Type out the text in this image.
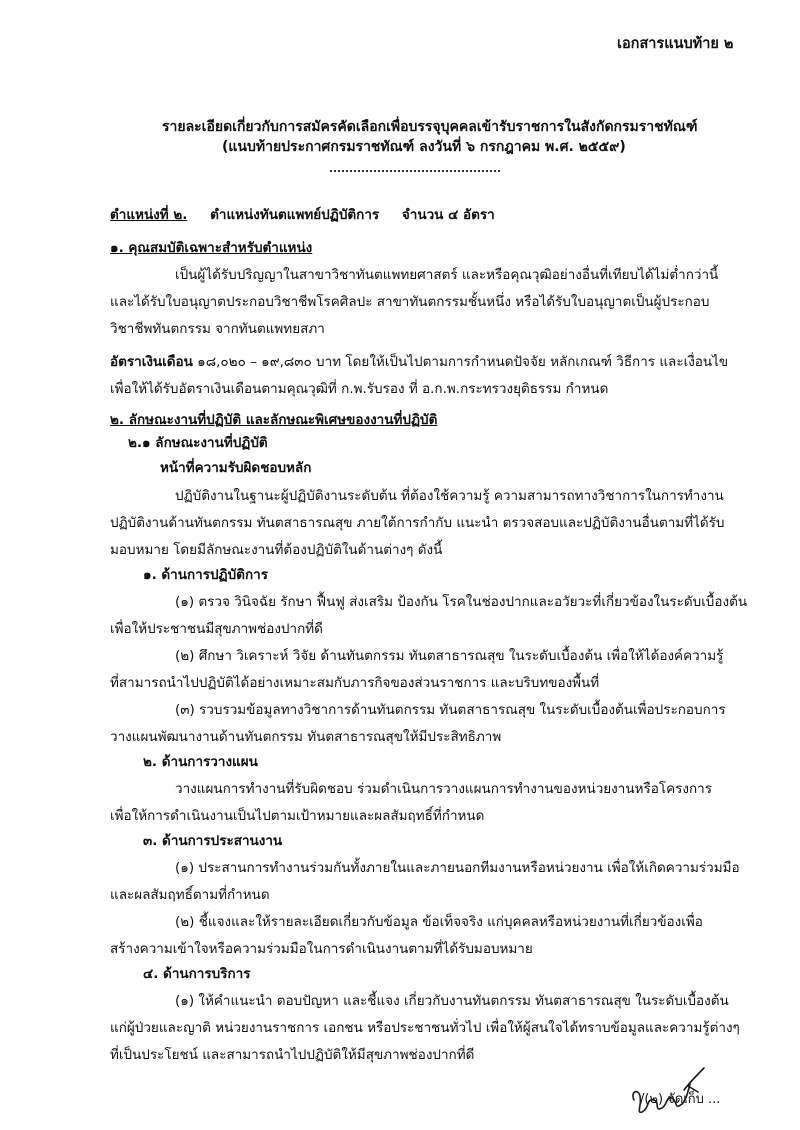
เอกสารแนบท้าย ๒
รายละเอียดเกี่ยวกับการสมัครคัดเลือกเพื่อบรรจุบุคคลเข้ารับราชการในสังกัดกรมราชทัณฑ์
(แนบท้ายประกาศกรมราชทัณฑ์ ลงวันที่ ๖ กรกฎาคม พ.ศ. ๒๕๕๙)
ตำแหน่งที่ ๒. ตำแหน่งทันตแพทย์ปฏิบัติการ จำนวน ๔ อัตรา
๑. คุณสมบัติเฉพาะสำหรับตำแหน่ง
เป็นผู้ได้รับปริญญาในสาขาวิชาทันตแพทยศาสตร์ และหรือคุณวุฒิอย่างอื่นที่เทียบได้ไม่ต่ำกว่านี้
และได้รับใบอนุญาตประกอบวิชาชีพโรคศิลปะ สาขาทันตกรรมชั้นหนึ่ง หรือได้รับใบอนุญาตเป็นผู้ประกอบ
วิชาชีพทันตกรรม จากทันตแพทยสภา
อัตราเงินเดือน ๑๘,๐๒๐ – ๑๙,๘๓๐ บาท โดยให้เป็นไปตามการกำหนดปัจจัย หลักเกณฑ์ วิธีการ และเงื่อนไข
เพื่อให้ได้รับอัตราเงินเดือนตามคุณวุฒิที่ ก.พ.รับรอง ที่ อ.ก.พ.กระทรวงยุติธรรม กำหนด
๒. ลักษณะงานที่ปฏิบัติ และลักษณะพิเศษของงานที่ปฏิบัติ
๒.๑ ลักษณะงานที่ปฏิบัติ
หน้าที่ความรับผิดชอบหลัก
ปฏิบัติงานในฐานะผู้ปฏิบัติงานระดับต้น ที่ต้องใช้ความรู้ ความสามารถทางวิชาการในการทำงาน
ปฏิบัติงานด้านทันตกรรม ทันตสาธารณสุข ภายใต้การกำกับ แนะนำ ตรวจสอบและปฏิบัติงานอื่นตามที่ได้รับ
มอบหมาย โดยมีลักษณะงานที่ต้องปฏิบัติในด้านต่างๆ ดังนี้
๑. ด้านการปฏิบัติการ
(๑) ตรวจ วินิจฉัย รักษา ฟื้นฟู ส่งเสริม ป้องกัน โรคในช่องปากและอวัยวะที่เกี่ยวข้องในระดับเบื้องต้น
เพื่อให้ประชาชนมีสุขภาพช่องปากที่ดี
(๒) ศึกษา วิเคราะห์ วิจัย ด้านทันตกรรม ทันตสาธารณสุข ในระดับเบื้องต้น เพื่อให้ได้องค์ความรู้
ที่สามารถนำไปปฏิบัติได้อย่างเหมาะสมกับภารกิจของส่วนราชการ และบริบทของพื้นที่
(๓) รวบรวมข้อมูลทางวิชาการด้านทันตกรรม ทันตสาธารณสุข ในระดับเบื้องต้นเพื่อประกอบการ
วางแผนพัฒนางานด้านทันตกรรม ทันตสาธารณสุขให้มีประสิทธิภาพ
๒. ด้านการวางแผน
วางแผนการทำงานที่รับผิดชอบ ร่วมดำเนินการวางแผนการทำงานของหน่วยงานหรือโครงการ
เพื่อให้การดำเนินงานเป็นไปตามเป้าหมายและผลสัมฤทธิ์ที่กำหนด
๓. ด้านการประสานงาน
(๑) ประสานการทำงานร่วมกันทั้งภายในและภายนอกทีมงานหรือหน่วยงาน เพื่อให้เกิดความร่วมมือ
และผลสัมฤทธิ์ตามที่กำหนด
(๒) ชี้แจงและให้รายละเอียดเกี่ยวกับข้อมูล ข้อเท็จจริง แก่บุคคลหรือหน่วยงานที่เกี่ยวข้องเพื่อ
สร้างความเข้าใจหรือความร่วมมือในการดำเนินงานตามที่ได้รับมอบหมาย
๔. ด้านการบริการ
(๑) ให้คำแนะนำ ตอบปัญหา และชี้แจง เกี่ยวกับงานทันตกรรม ทันตสาธารณสุข ในระดับเบื้องต้น
แก่ผู้ป่วยและญาติ หน่วยงานราชการ เอกชน หรือประชาชนทั่วไป เพื่อให้ผู้สนใจได้ทราบข้อมูลและความรู้ต่างๆ
ที่เป็นประโยชน์ และสามารถนำไปปฏิบัติให้มีสุขภาพช่องปากที่ดี
/(๒) จัดเก็บ ...
